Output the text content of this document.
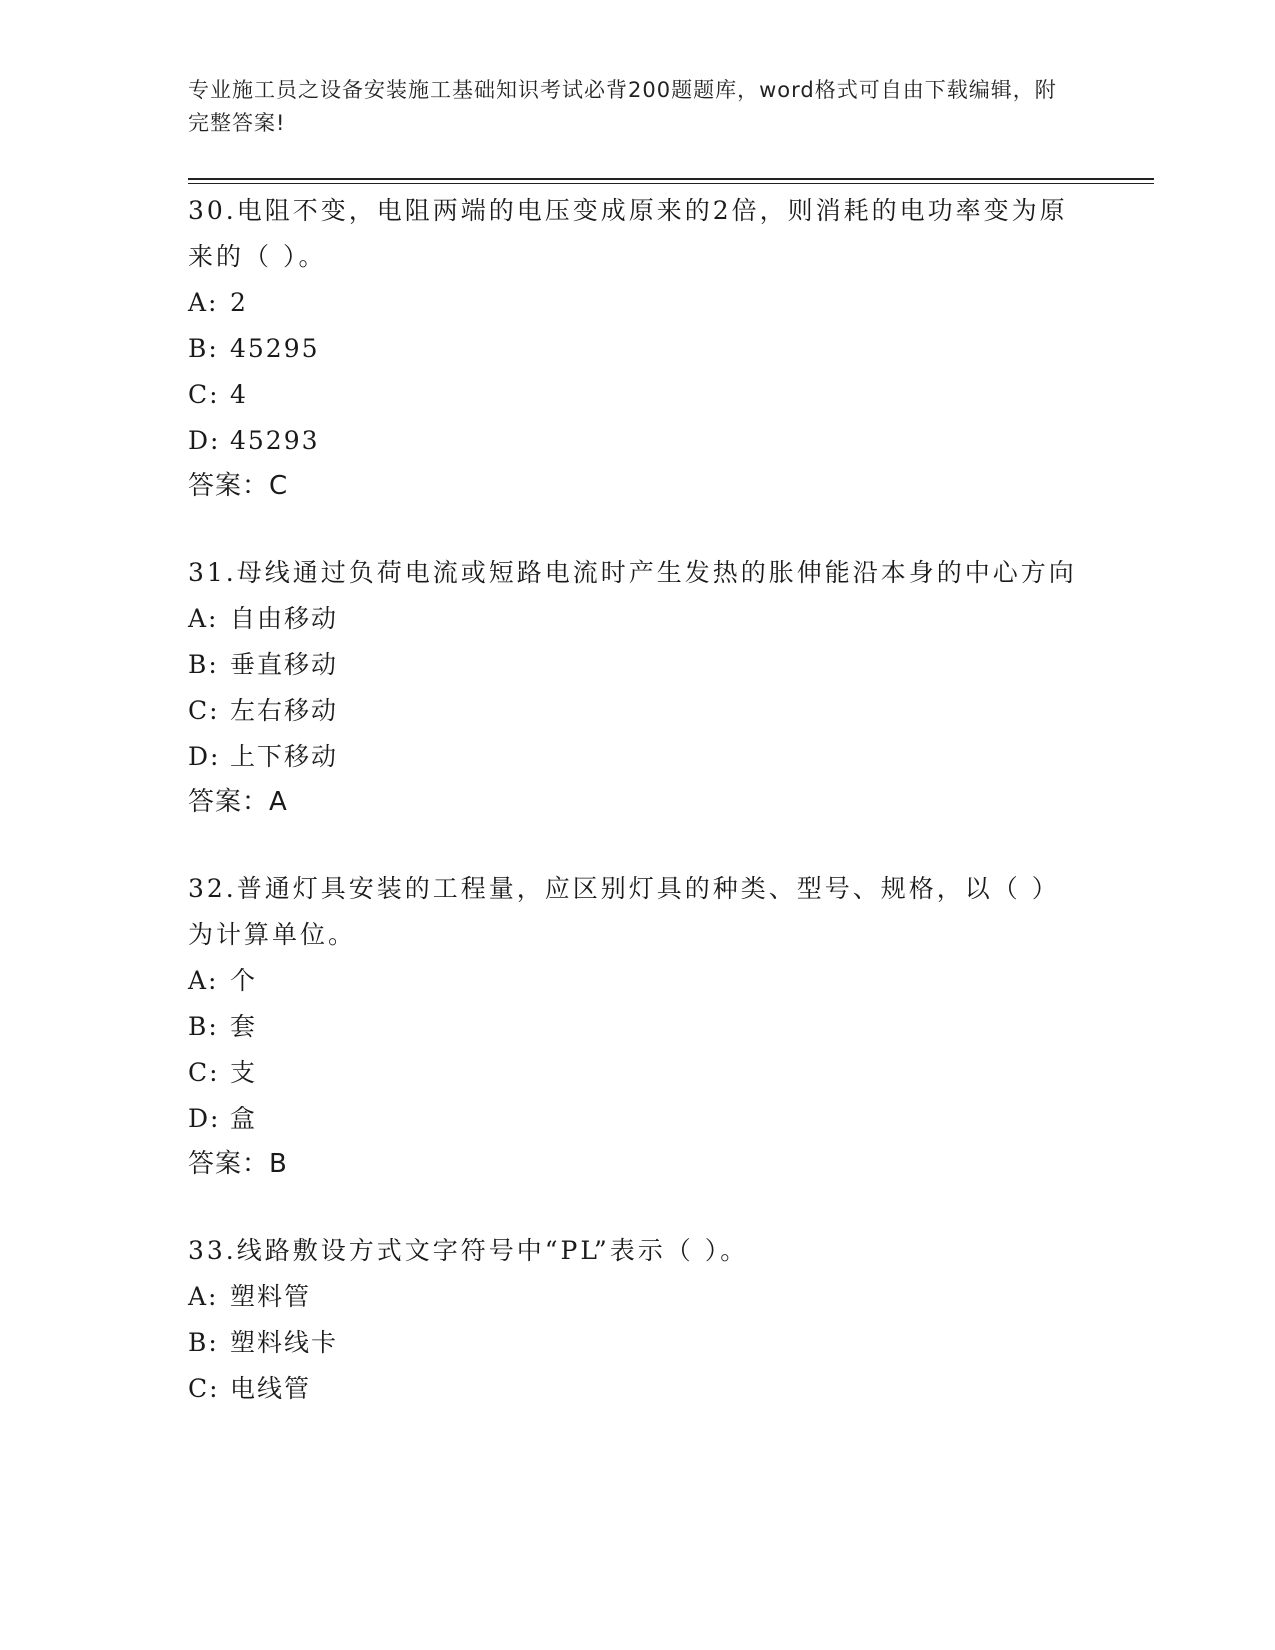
专业施工员之设备安装施工基础知识考试必背200题题库，word格式可自由下载编辑，附完整答案!
30.电阻不变，电阻两端的电压变成原来的2倍，则消耗的电功率变为原来的（ ）。
A: 2
B: 45295
C: 4
D: 45293
答案：C
31.母线通过负荷电流或短路电流时产生发热的胀伸能沿本身的中心方向
A: 自由移动
B: 垂直移动
C: 左右移动
D: 上下移动
答案：A
32.普通灯具安装的工程量，应区别灯具的种类、型号、规格，以（ ）为计算单位。
A: 个
B: 套
C: 支
D: 盒
答案：B
33.线路敷设方式文字符号中“PL”表示（ ）。
A: 塑料管
B: 塑料线卡
C: 电线管
